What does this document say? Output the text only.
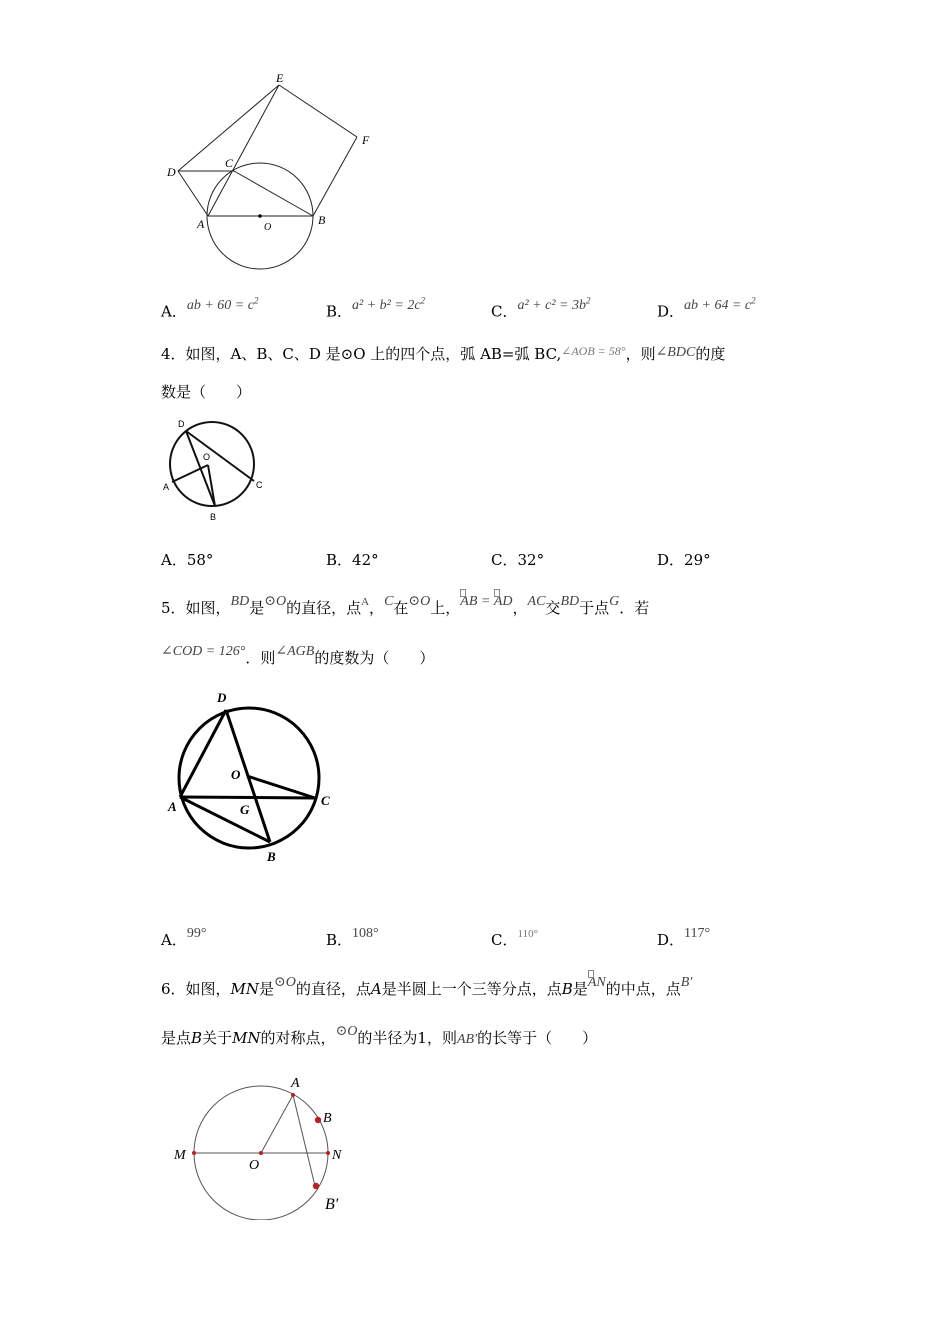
E
F
D
C
A	O
B
A．ab + $60 = c^2$
B．$a^2 + b^2 = 2c^2$
C．$a^2 + c^2 = 3b^2$
D．ab + $64 = c^2$
4．如图，A、B、C、D 是⊙O 上的四个点，弧 AB=弧 BC,$^{\angle AOB = 58^\circ}$，则∠BDC的度
数是（　　）
D
O
A	C
B
A．58°	B．42°	C．32°	D．29°
5．如图，BD是⊙O的直径，点$^A$，C在⊙O上，AB = AD，AC交BD于点G．若
∠COD = 126°．则∠AGB的度数为（　　）
D
O
A	G
C
B
A．99°	B．108°	C．$^{110^\circ}$	D．117°
6．如图，MN是⊙O的直径，点A是半圆上一个三等分点，点B是AN的中点，点B′
是点B关于MN的对称点，⊙O的半径为1，则AB′的长等于（　　）
A
B
M
O
N
B′
